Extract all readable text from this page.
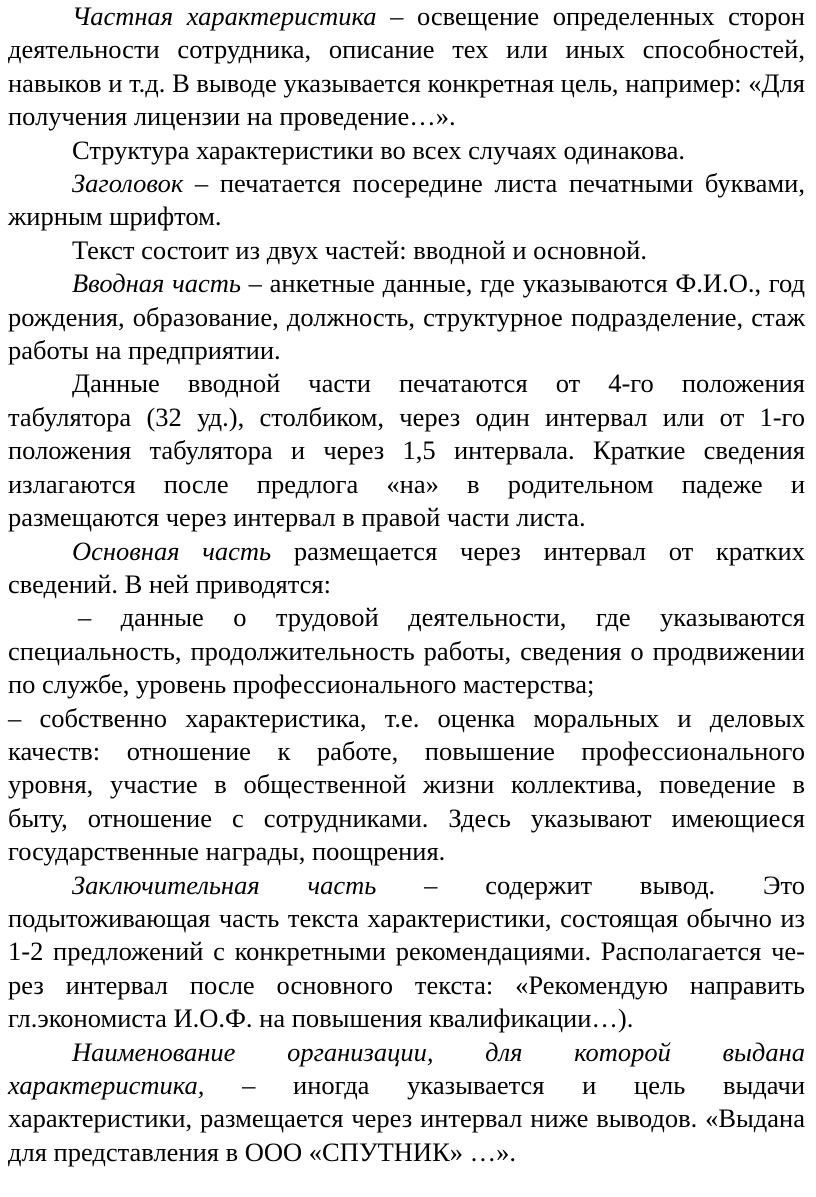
Частная характеристика – освещение определенных сторон деятельности сотрудника, описание тех или иных способностей, навыков и т.д. В выводе указывается конкретная цель, например: «Для получения лицензии на проведение…».

Структура характеристики во всех случаях одинакова.

Заголовок – печатается посередине листа печатными буквами, жирным шрифтом.

Текст состоит из двух частей: вводной и основной.

Вводная часть – анкетные данные, где указываются Ф.И.О., год рождения, образование, должность, структурное подразделение, стаж работы на предприятии.

Данные вводной части печатаются от 4-го положения табулятора (32 уд.), столбиком, через один интервал или от 1-го положения табулятора и через 1,5 интервала. Краткие сведения излагаются после предлога «на» в родительном падеже и размещаются через интервал в правой части листа.

Основная часть размещается через интервал от кратких сведений. В ней приводятся:

– данные о трудовой деятельности, где указываются специальность, продолжительность работы, сведения о продвижении по службе, уровень профессионального мастерства;

– собственно характеристика, т.е. оценка моральных и деловых
качеств: отношение к работе, повышение профессионального
уровня, участие в общественной жизни коллектива, поведение в
быту, отношение с сотрудниками. Здесь указывают имеющиеся
государственные награды, поощрения.

Заключительная часть – содержит вывод. Это подытоживающая часть текста характеристики, состоящая обычно из 1-2 предложений с конкретными рекомендациями. Располагается че- рез интервал после основного текста: «Рекомендую направить гл.экономиста И.О.Ф. на повышения квалификации…).

Наименование организации, для которой выдана характеристика, – иногда указывается и цель выдачи характеристики, размещается через интервал ниже выводов. «Выдана для представления в ООО «СПУТНИК» …».
